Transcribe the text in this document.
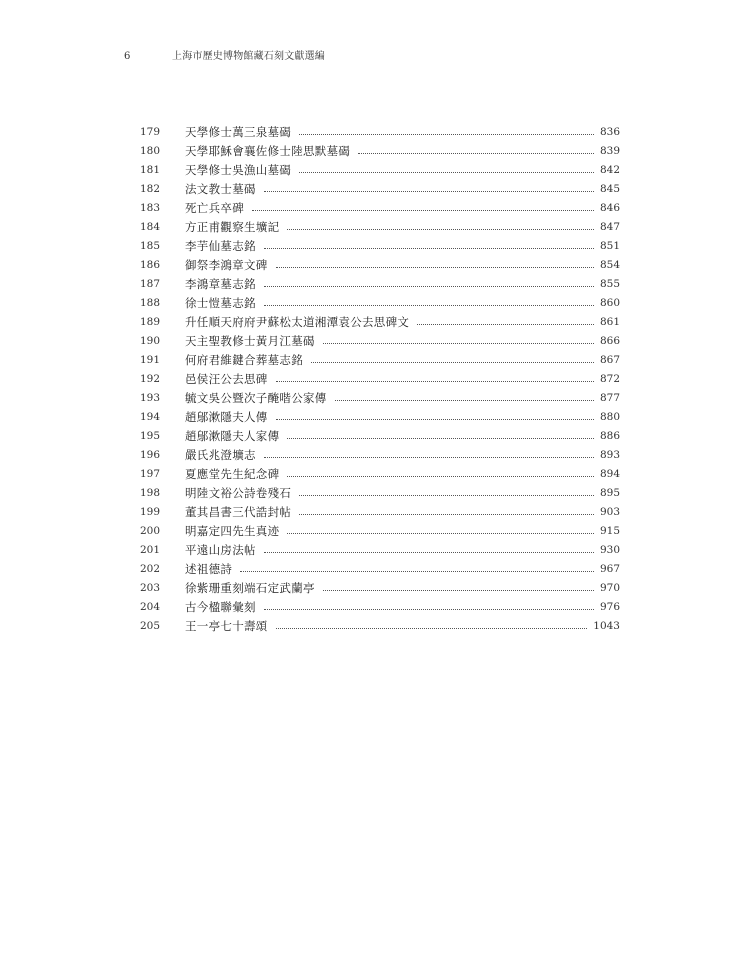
6	上海市歷史博物館藏石刻文獻選編
179	天學修士萬三泉墓碣	836
180	天學耶穌會襄佐修士陸思默墓碣	839
181	天學修士吳漁山墓碣	842
182	法文教士墓碣	845
183	死亡兵卒碑	846
184	方正甫觀察生壙記	847
185	李芋仙墓志銘	851
186	御祭李鴻章文碑	854
187	李鴻章墓志銘	855
188	徐士愷墓志銘	860
189	升任順天府府尹蘇松太道湘潭袁公去思碑文	861
190	天主聖教修士黃月江墓碣	866
191	何府君維鍵合葬墓志銘	867
192	邑侯汪公去思碑	872
193	毓文吳公暨次子醃喈公家傳	877
194	趙鄔漱隱夫人傳	880
195	趙鄔漱隱夫人家傳	886
196	嚴氏兆澄壙志	893
197	夏應堂先生紀念碑	894
198	明陸文裕公詩卷殘石	895
199	董其昌書三代誥封帖	903
200	明嘉定四先生真迹	915
201	平遠山房法帖	930
202	述祖德詩	967
203	徐紫珊重刻端石定武蘭亭	970
204	古今楹聯彙刻	976
205	王一亭七十壽頌	1043
